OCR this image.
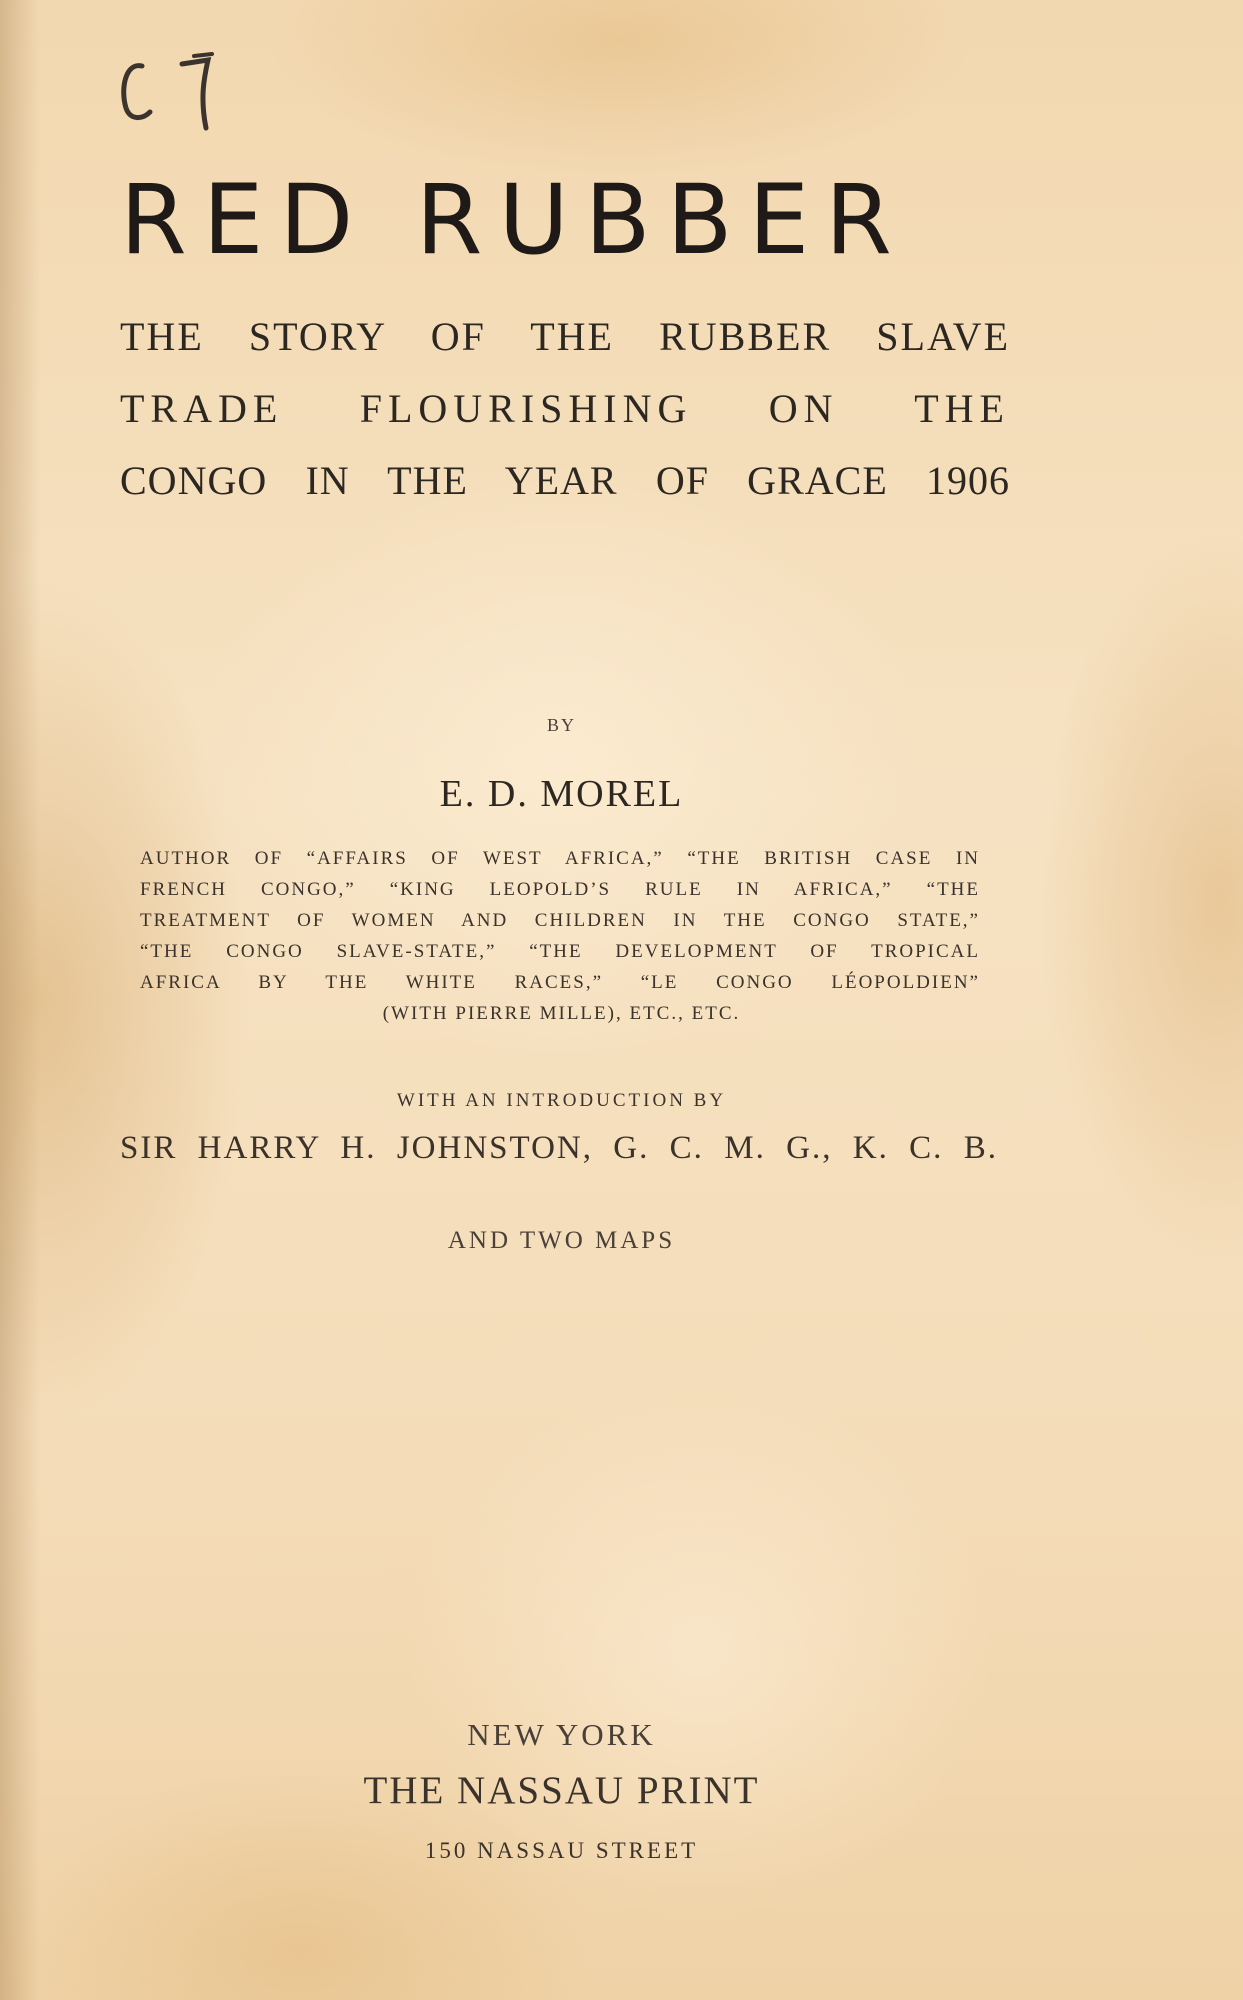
RED RUBBER
THE STORY OF THE RUBBER SLAVE
TRADE FLOURISHING ON THE
CONGO IN THE YEAR OF GRACE 1906
BY
E. D. MOREL
AUTHOR OF “AFFAIRS OF WEST AFRICA,” “THE BRITISH CASE IN
FRENCH CONGO,” “KING LEOPOLD’S RULE IN AFRICA,” “THE
TREATMENT OF WOMEN AND CHILDREN IN THE CONGO STATE,”
“THE CONGO SLAVE-STATE,” “THE DEVELOPMENT OF TROPICAL
AFRICA BY THE WHITE RACES,” “LE CONGO LÉOPOLDIEN”
(WITH PIERRE MILLE), ETC., ETC.
WITH AN INTRODUCTION BY
SIR HARRY H. JOHNSTON, G. C. M. G., K. C. B.
AND TWO MAPS
NEW YORK
THE NASSAU PRINT
150 NASSAU STREET
